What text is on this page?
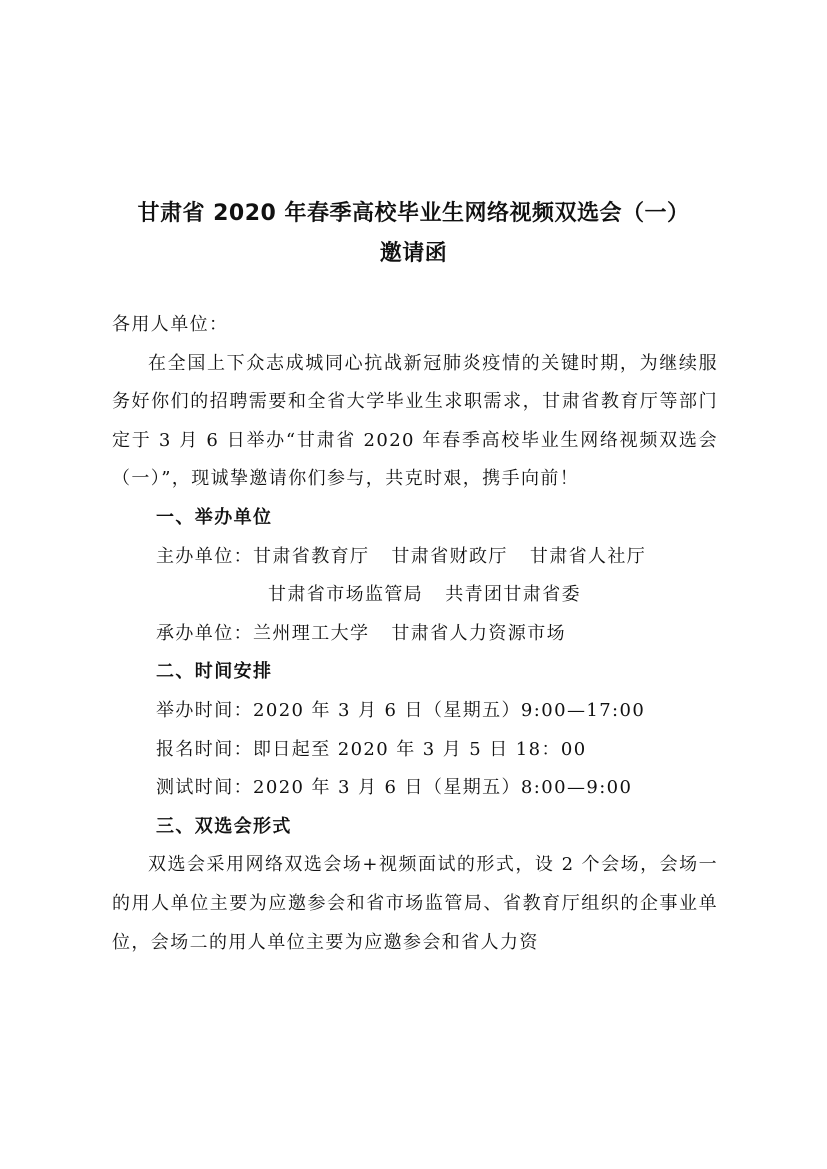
甘肃省 2020 年春季高校毕业生网络视频双选会（一）
邀请函

各用人单位：

在全国上下众志成城同心抗战新冠肺炎疫情的关键时期，为继续服务好你们的招聘需要和全省大学毕业生求职需求，甘肃省教育厅等部门定于 3 月 6 日举办“甘肃省 2020 年春季高校毕业生网络视频双选会（一）”，现诚挚邀请你们参与，共克时艰，携手向前！

一、举办单位

主办单位：甘肃省教育厅 甘肃省财政厅 甘肃省人社厅

甘肃省市场监管局 共青团甘肃省委

承办单位：兰州理工大学 甘肃省人力资源市场

二、时间安排

举办时间：2020 年 3 月 6 日（星期五）9:00—17:00

报名时间：即日起至 2020 年 3 月 5 日 18：00

测试时间：2020 年 3 月 6 日（星期五）8:00—9:00

三、双选会形式

双选会采用网络双选会场+视频面试的形式，设 2 个会场，会场一的用人单位主要为应邀参会和省市场监管局、省教育厅组织的企事业单位，会场二的用人单位主要为应邀参会和省人力资
